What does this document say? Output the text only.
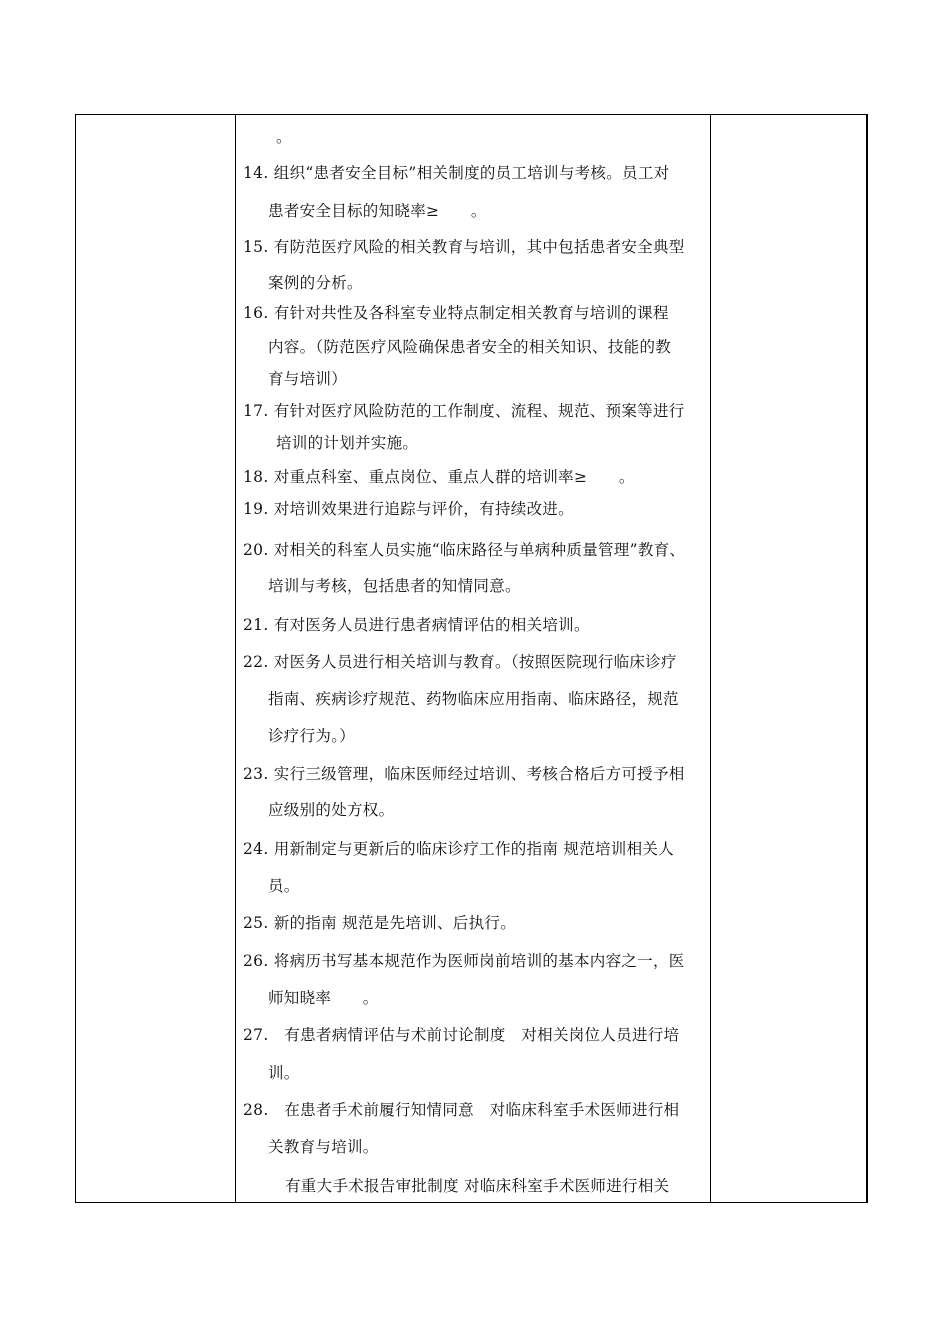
。
14. 组织“患者安全目标”相关制度的员工培训与考核。员工对
患者安全目标的知晓率≥　　。
15. 有防范医疗风险的相关教育与培训，其中包括患者安全典型
案例的分析。
16. 有针对共性及各科室专业特点制定相关教育与培训的课程
内容。（防范医疗风险确保患者安全的相关知识、技能的教
育与培训）
17. 有针对医疗风险防范的工作制度、流程、规范、预案等进行
培训的计划并实施。
18. 对重点科室、重点岗位、重点人群的培训率≥　　。
19. 对培训效果进行追踪与评价，有持续改进。
20. 对相关的科室人员实施“临床路径与单病种质量管理”教育、
培训与考核，包括患者的知情同意。
21. 有对医务人员进行患者病情评估的相关培训。
22. 对医务人员进行相关培训与教育。（按照医院现行临床诊疗
指南、疾病诊疗规范、药物临床应用指南、临床路径，规范
诊疗行为。）
23. 实行三级管理，临床医师经过培训、考核合格后方可授予相
应级别的处方权。
24. 用新制定与更新后的临床诊疗工作的指南 规范培训相关人
员。
25. 新的指南 规范是先培训、后执行。
26. 将病历书写基本规范作为医师岗前培训的基本内容之一，医
师知晓率　　。
27.　有患者病情评估与术前讨论制度　对相关岗位人员进行培
训。
28.　在患者手术前履行知情同意　对临床科室手术医师进行相
关教育与培训。
有重大手术报告审批制度 对临床科室手术医师进行相关
